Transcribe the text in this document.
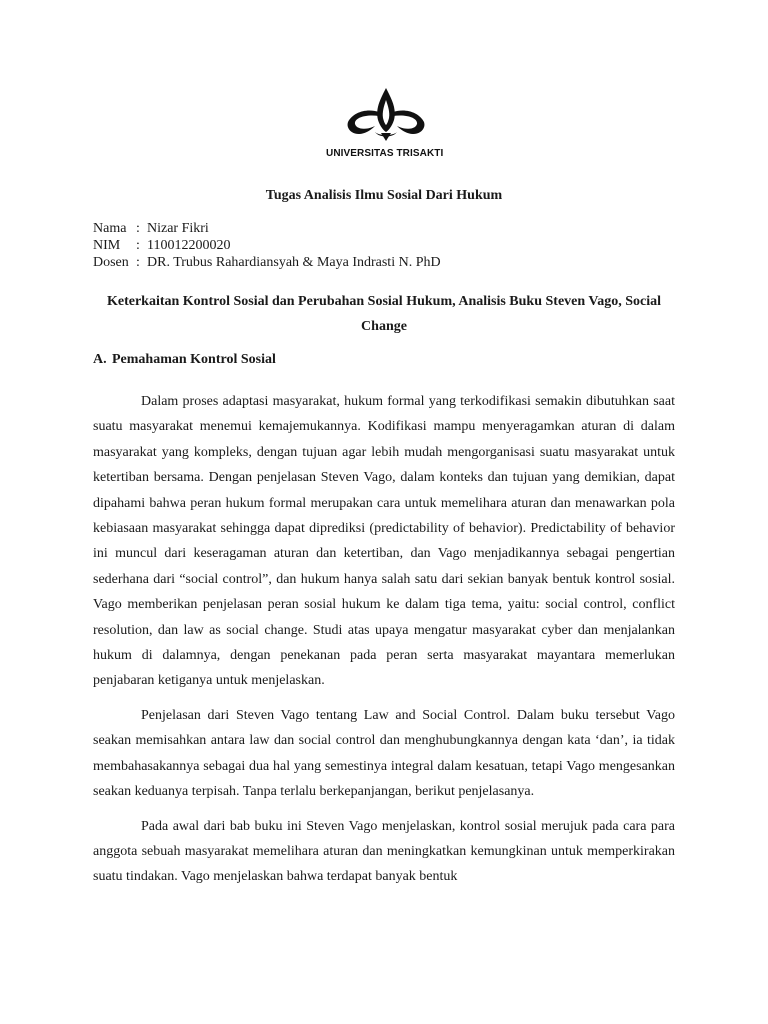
UNIVERSITAS TRISAKTI
Tugas Analisis Ilmu Sosial Dari Hukum
Nama : Nizar Fikri
NIM	: 110012200020
Dosen : DR. Trubus Rahardiansyah & Maya Indrasti N. PhD
Keterkaitan Kontrol Sosial dan Perubahan Sosial Hukum, Analisis Buku Steven Vago, Social Change
A. Pemahaman Kontrol Sosial

Dalam proses adaptasi masyarakat, hukum formal yang terkodifikasi semakin dibutuhkan saat suatu masyarakat menemui kemajemukannya. Kodifikasi mampu menyeragamkan aturan di dalam masyarakat yang kompleks, dengan tujuan agar lebih mudah mengorganisasi suatu masyarakat untuk ketertiban bersama. Dengan penjelasan Steven Vago, dalam konteks dan tujuan yang demikian, dapat dipahami bahwa peran hukum formal merupakan cara untuk memelihara aturan dan menawarkan pola kebiasaan masyarakat sehingga dapat diprediksi (predictability of behavior). Predictability of behavior ini muncul dari keseragaman aturan dan ketertiban, dan Vago menjadikannya sebagai pengertian sederhana dari “social control”, dan hukum hanya salah satu dari sekian banyak bentuk kontrol sosial. Vago memberikan penjelasan peran sosial hukum ke dalam tiga tema, yaitu: social control, conflict resolution, dan law as social change. Studi atas upaya mengatur masyarakat cyber dan menjalankan hukum di dalamnya, dengan penekanan pada peran serta masyarakat mayantara memerlukan penjabaran ketiganya untuk menjelaskan.

Penjelasan dari Steven Vago tentang Law and Social Control. Dalam buku tersebut Vago seakan memisahkan antara law dan social control dan menghubungkannya dengan kata ‘dan’, ia tidak membahasakannya sebagai dua hal yang semestinya integral dalam kesatuan, tetapi Vago mengesankan seakan keduanya terpisah. Tanpa terlalu berkepanjangan, berikut penjelasanya.

Pada awal dari bab buku ini Steven Vago menjelaskan, kontrol sosial merujuk pada cara para anggota sebuah masyarakat memelihara aturan dan meningkatkan kemungkinan untuk memperkirakan suatu tindakan. Vago menjelaskan bahwa terdapat banyak bentuk
